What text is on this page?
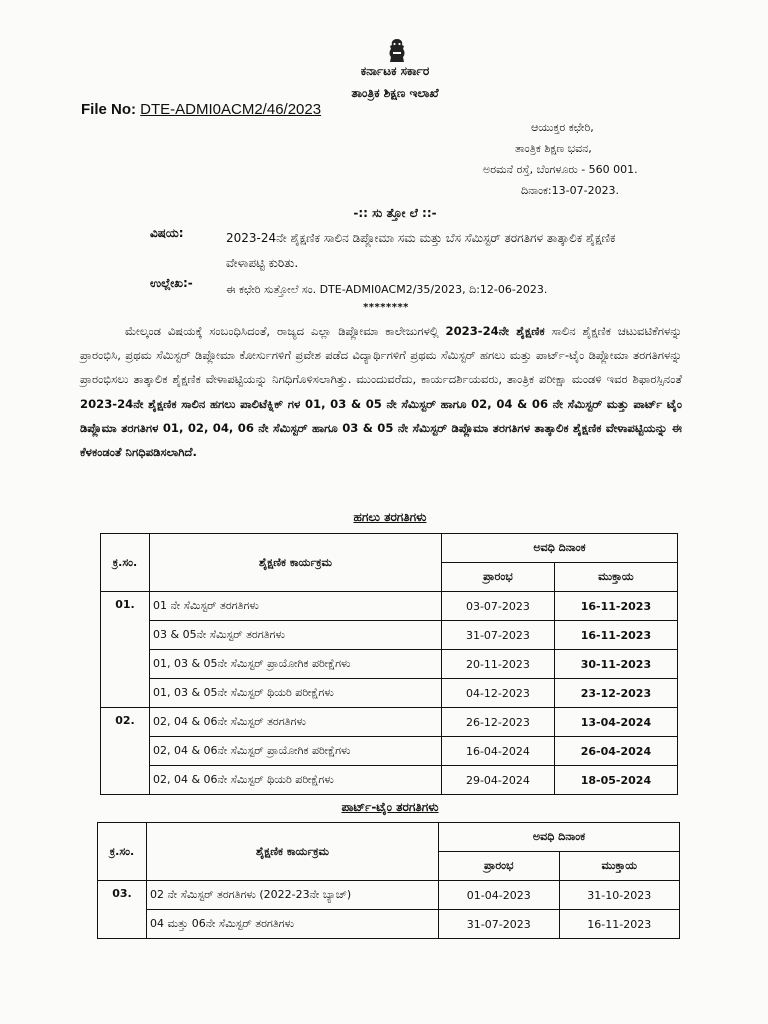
ಕರ್ನಾಟಕ ಸರ್ಕಾರ
ತಾಂತ್ರಿಕ ಶಿಕ್ಷಣ ಇಲಾಖೆ
File No: DTE-ADMI0ACM2/46/2023
ಆಯುಕ್ತರ ಕಛೇರಿ,
ತಾಂತ್ರಿಕ ಶಿಕ್ಷಣ ಭವನ,
ಅರಮನೆ ರಸ್ತೆ, ಬೆಂಗಳೂರು - 560 001.
ದಿನಾಂಕ:13-07-2023.
-:: ಸು ತ್ತೋ ಲೆ ::-
ವಿಷಯ:	2023-24ನೇ ಶೈಕ್ಷಣಿಕ ಸಾಲಿನ ಡಿಪ್ಲೋಮಾ ಸಮ ಮತ್ತು ಬೆಸ ಸೆಮಿಸ್ಟರ್ ತರಗತಿಗಳ ತಾತ್ಕಾಲಿಕ ಶೈಕ್ಷಣಿಕ ವೇಳಾಪಟ್ಟಿ ಕುರಿತು.
ಉಲ್ಲೇಖ:-	ಈ ಕಛೇರಿ ಸುತ್ತೋಲೆ ಸಂ. DTE-ADMI0ACM2/35/2023, ದಿ:12-06-2023.
********

ಮೇಲ್ಕಂಡ ವಿಷಯಕ್ಕೆ ಸಂಬಂಧಿಸಿದಂತೆ, ರಾಜ್ಯದ ಎಲ್ಲಾ ಡಿಪ್ಲೋಮಾ ಕಾಲೇಜುಗಳಲ್ಲಿ 2023-24ನೇ ಶೈಕ್ಷಣಿಕ ಸಾಲಿನ ಶೈಕ್ಷಣಿಕ ಚಟುವಟಿಕೆಗಳನ್ನು ಪ್ರಾರಂಭಿಸಿ, ಪ್ರಥಮ ಸೆಮಿಸ್ಟರ್ ಡಿಪ್ಲೋಮಾ ಕೋರ್ಸುಗಳಿಗೆ ಪ್ರವೇಶ ಪಡೆದ ವಿದ್ಯಾರ್ಥಿಗಳಿಗೆ ಪ್ರಥಮ ಸೆಮಿಸ್ಟರ್ ಹಗಲು ಮತ್ತು ಪಾರ್ಟ್-ಟೈಂ ಡಿಪ್ಲೋಮಾ ತರಗತಿಗಳನ್ನು ಪ್ರಾರಂಭಿಸಲು ತಾತ್ಕಾಲಿಕ ಶೈಕ್ಷಣಿಕ ವೇಳಾಪಟ್ಟಿಯನ್ನು ನಿಗಧಿಗೊಳಿಸಲಾಗಿತ್ತು. ಮುಂದುವರೆದು, ಕಾರ್ಯದರ್ಶಿಯವರು, ತಾಂತ್ರಿಕ ಪರೀಕ್ಷಾ ಮಂಡಳಿ ಇವರ ಶಿಫಾರಸ್ಸಿನಂತೆ 2023-24ನೇ ಶೈಕ್ಷಣಿಕ ಸಾಲಿನ ಹಗಲು ಪಾಲಿಟೆಕ್ನಿಕ್ ಗಳ 01, 03 & 05 ನೇ ಸೆಮಿಸ್ಟರ್ ಹಾಗೂ 02, 04 & 06 ನೇ ಸೆಮಿಸ್ಟರ್ ಮತ್ತು ಪಾರ್ಟ್ ಟೈಂ ಡಿಪ್ಲೊಮಾ ತರಗತಿಗಳ 01, 02, 04, 06 ನೇ ಸೆಮಿಸ್ಟರ್ ಹಾಗೂ 03 & 05 ನೇ ಸೆಮಿಸ್ಟರ್ ಡಿಪ್ಲೊಮಾ ತರಗತಿಗಳ ತಾತ್ಕಾಲಿಕ ಶೈಕ್ಷಣಿಕ ವೇಳಾಪಟ್ಟಿಯನ್ನು ಈ ಕೆಳಕಂಡಂತೆ ನಿಗಧಿಪಡಿಸಲಾಗಿದೆ.

ಹಗಲು ತರಗತಿಗಳು
ಕ್ರ.ಸಂ.	ಶೈಕ್ಷಣಿಕ ಕಾರ್ಯಕ್ರಮ	ಅವಧಿ ದಿನಾಂಕ	
		ಪ್ರಾರಂಭ	ಮುಕ್ತಾಯ
01.	01 ನೇ ಸೆಮಿಸ್ಟರ್ ತರಗತಿಗಳು	03-07-2023	16-11-2023
	03 & 05ನೇ ಸೆಮಿಸ್ಟರ್ ತರಗತಿಗಳು	31-07-2023	16-11-2023
	01, 03 & 05ನೇ ಸೆಮಿಸ್ಟರ್ ಪ್ರಾಯೋಗಿಕ ಪರೀಕ್ಷೆಗಳು	20-11-2023	30-11-2023
	01, 03 & 05ನೇ ಸೆಮಿಸ್ಟರ್ ಥಿಯರಿ ಪರೀಕ್ಷೆಗಳು	04-12-2023	23-12-2023
02.	02, 04 & 06ನೇ ಸೆಮಿಸ್ಟರ್ ತರಗತಿಗಳು	26-12-2023	13-04-2024
	02, 04 & 06ನೇ ಸೆಮಿಸ್ಟರ್ ಪ್ರಾಯೋಗಿಕ ಪರೀಕ್ಷೆಗಳು	16-04-2024	26-04-2024
	02, 04 & 06ನೇ ಸೆಮಿಸ್ಟರ್ ಥಿಯರಿ ಪರೀಕ್ಷೆಗಳು	29-04-2024	18-05-2024
ಪಾರ್ಟ್-ಟೈಂ ತರಗತಿಗಳು
ಕ್ರ.ಸಂ.	ಶೈಕ್ಷಣಿಕ ಕಾರ್ಯಕ್ರಮ	ಅವಧಿ ದಿನಾಂಕ	
		ಪ್ರಾರಂಭ	ಮುಕ್ತಾಯ
03.	02 ನೇ ಸೆಮಿಸ್ಟರ್ ತರಗತಿಗಳು (2022-23ನೇ ಬ್ಯಾಚ್)	01-04-2023	31-10-2023
	04 ಮತ್ತು 06ನೇ ಸೆಮಿಸ್ಟರ್ ತರಗತಿಗಳು	31-07-2023	16-11-2023
